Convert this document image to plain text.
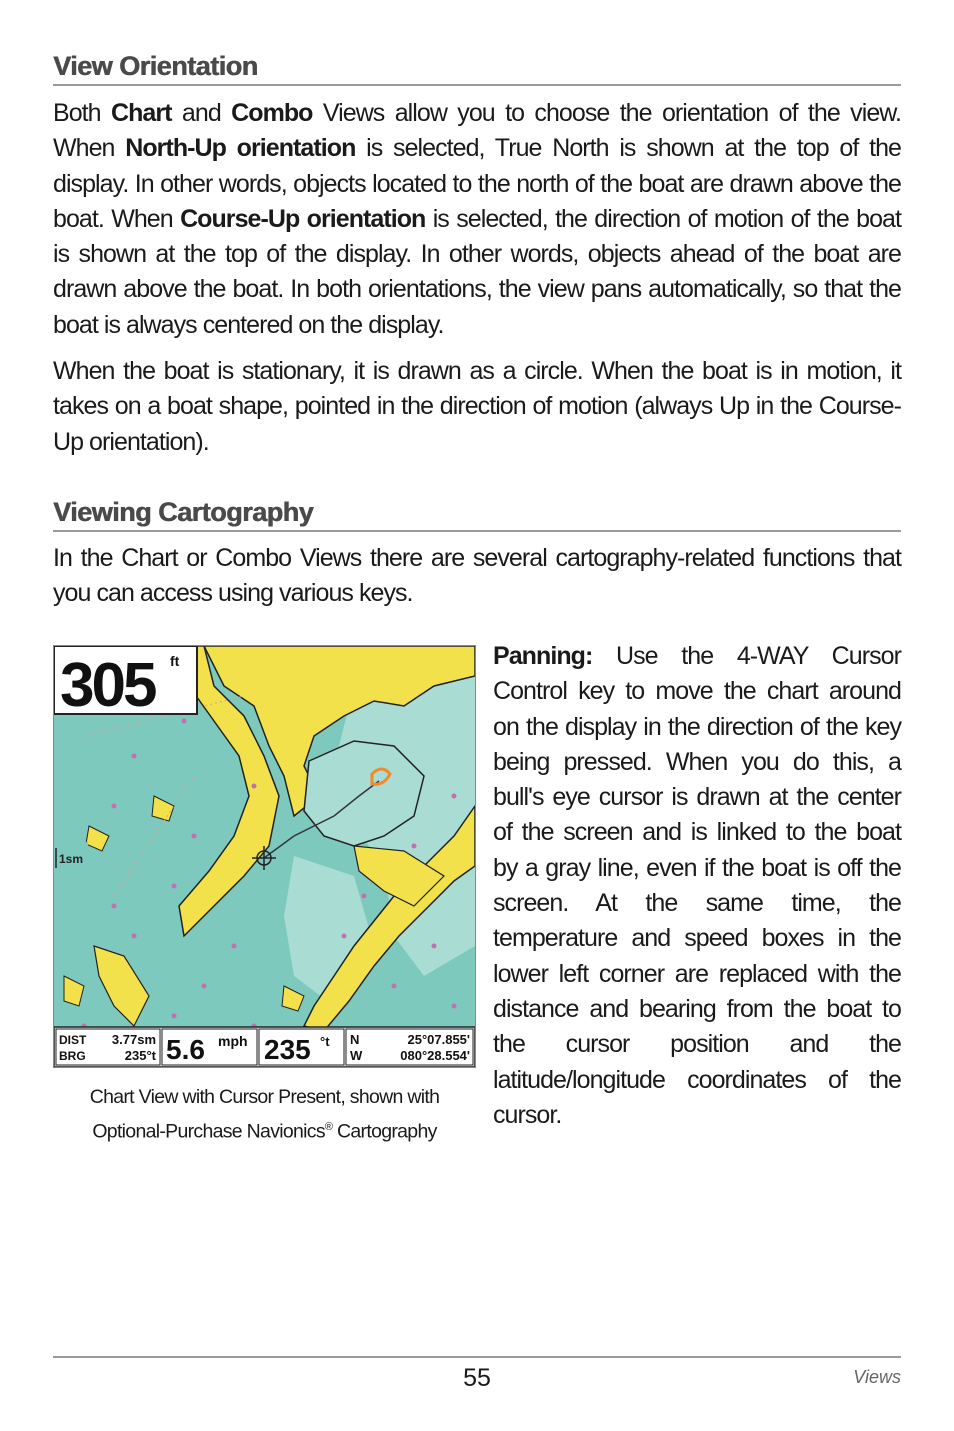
View Orientation

Both Chart and Combo Views allow you to choose the orientation of the view. When North-Up orientation is selected, True North is shown at the top of the display. In other words, objects located to the north of the boat are drawn above the boat. When Course-Up orientation is selected, the direction of motion of the boat is shown at the top of the display. In other words, objects ahead of the boat are drawn above the boat. In both orientations, the view pans automatically, so that the boat is always centered on the display.

When the boat is stationary, it is drawn as a circle. When the boat is in motion, it takes on a boat shape, pointed in the direction of motion (always Up in the Course-Up orientation).

Viewing Cartography

In the Chart or Combo Views there are several cartography-related functions that you can access using various keys.

1sm
305 ft
DIST
BRG
3.77sm
235°t 5.6 mph 235 °t N
W
25°07.855'
080°28.554'
Chart View with Cursor Present, shown with
Optional-Purchase Navionics® Cartography

Panning: Use the 4-WAY Cursor Control key to move the chart around on the display in the direction of the key being pressed. When you do this, a bull's eye cursor is drawn at the center of the screen and is linked to the boat by a gray line, even if the boat is off the screen. At the same time, the temperature and speed boxes in the lower left corner are replaced with the distance and bearing from the boat to the cursor position and the latitude/longitude coordinates of the cursor.

55	Views
